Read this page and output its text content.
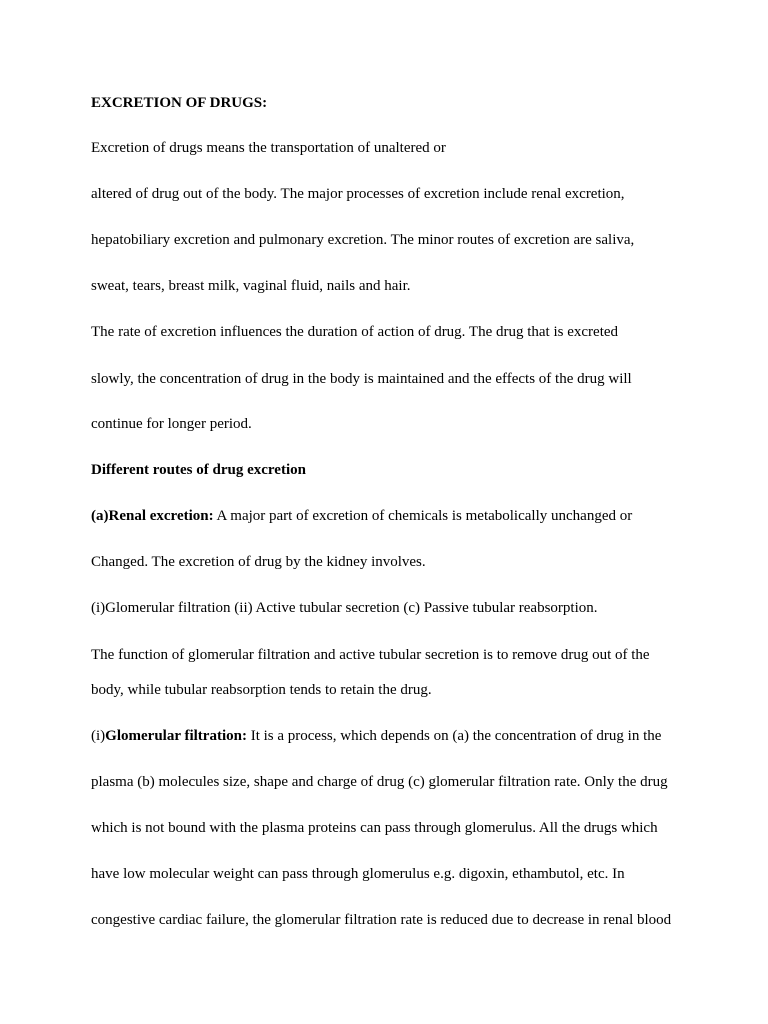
EXCRETION OF DRUGS:
Excretion of drugs means the transportation of unaltered or
altered of drug out of the body. The major processes of excretion include renal excretion,
hepatobiliary excretion and pulmonary excretion. The minor routes of excretion are saliva,
sweat, tears, breast milk, vaginal fluid, nails and hair.
The rate of excretion influences the duration of action of drug. The drug that is excreted
slowly, the concentration of drug in the body is maintained and the effects of the drug will
continue for longer period.
Different routes of drug excretion
(a)Renal excretion: A major part of excretion of chemicals is metabolically unchanged or
Changed. The excretion of drug by the kidney involves.
(i)Glomerular filtration (ii) Active tubular secretion (c) Passive tubular reabsorption.
The function of glomerular filtration and active tubular secretion is to remove drug out of the
body, while tubular reabsorption tends to retain the drug.
(i)Glomerular filtration: It is a process, which depends on (a) the concentration of drug in the
plasma (b) molecules size, shape and charge of drug (c) glomerular filtration rate. Only the drug
which is not bound with the plasma proteins can pass through glomerulus. All the drugs which
have low molecular weight can pass through glomerulus e.g. digoxin, ethambutol, etc. In
congestive cardiac failure, the glomerular filtration rate is reduced due to decrease in renal blood
